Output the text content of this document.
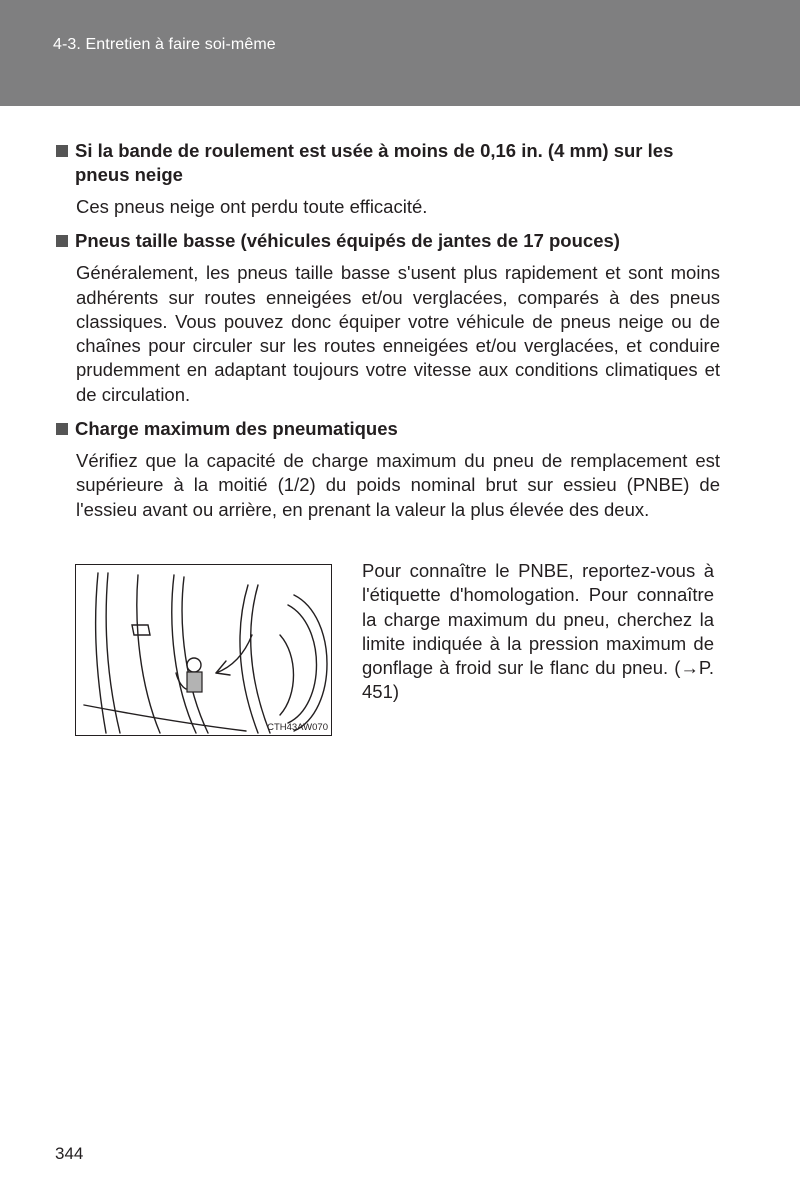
4-3. Entretien à faire soi-même
Si la bande de roulement est usée à moins de 0,16 in. (4 mm) sur les pneus neige

Ces pneus neige ont perdu toute efficacité.

Pneus taille basse (véhicules équipés de jantes de 17 pouces)

Généralement, les pneus taille basse s'usent plus rapidement et sont moins adhérents sur routes enneigées et/ou verglacées, comparés à des pneus classiques. Vous pouvez donc équiper votre véhicule de pneus neige ou de chaînes pour circuler sur les routes enneigées et/ou verglacées, et conduire prudemment en adaptant toujours votre vitesse aux conditions climatiques et de circulation.

Charge maximum des pneumatiques

Vérifiez que la capacité de charge maximum du pneu de remplacement est supérieure à la moitié (1/2) du poids nominal brut sur essieu (PNBE) de l'essieu avant ou arrière, en prenant la valeur la plus élevée des deux.

CTH43AW070
Pour connaître le PNBE, reportez-vous à l'étiquette d'homologation. Pour connaître la charge maximum du pneu, cherchez la limite indiquée à la pression maximum de gonflage à froid sur le flanc du pneu. (→P. 451)
344
